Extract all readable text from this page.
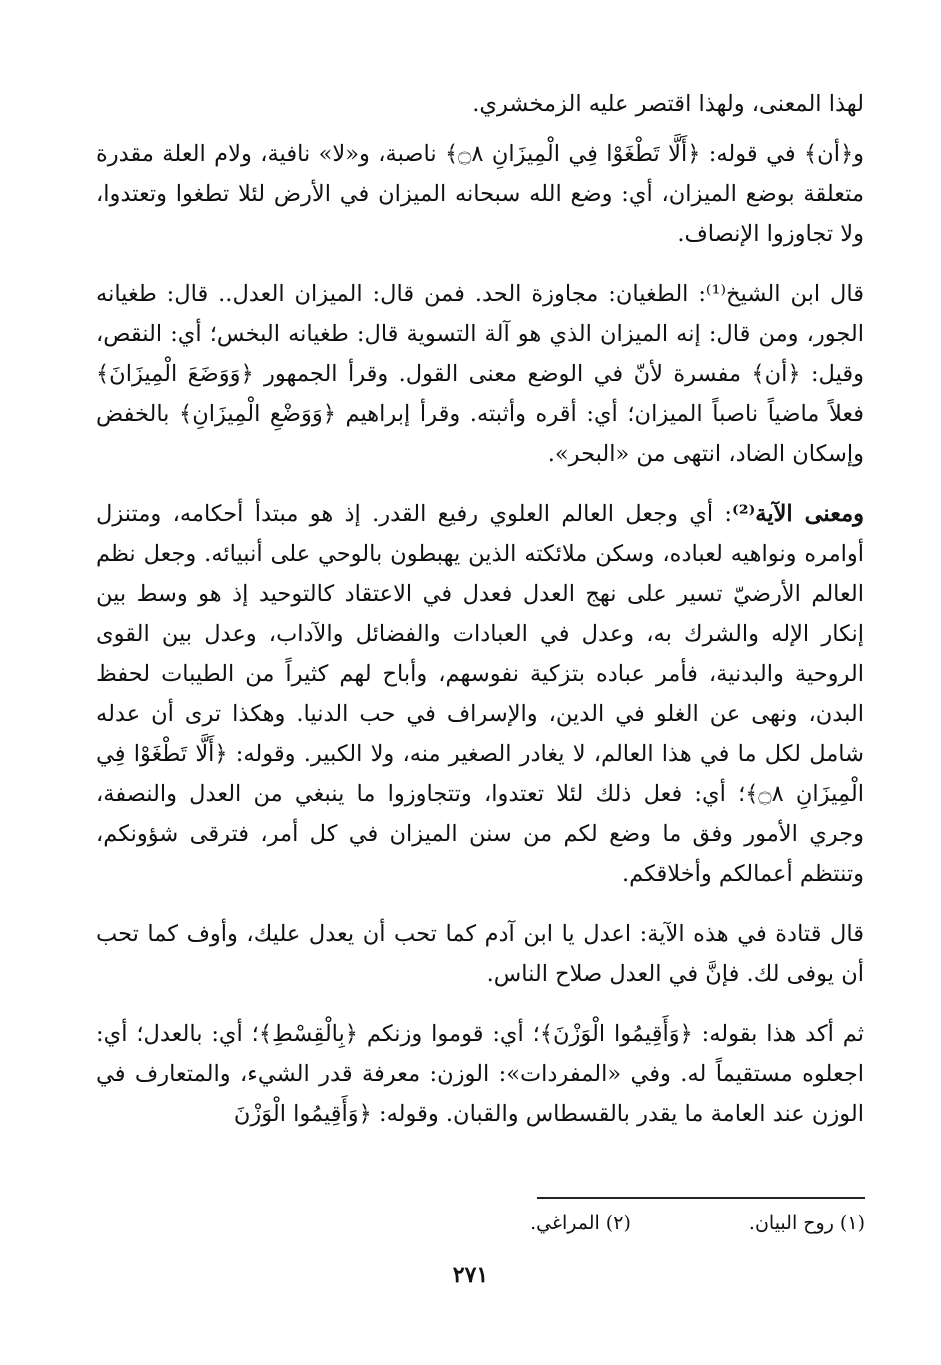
لهذا المعنى، ولهذا اقتصر عليه الزمخشري.

و﴿أن﴾ في قوله: ﴿أَلَّا تَطْغَوْا فِي الْمِيزَانِ ۝٨﴾ ناصبة، و«لا» نافية، ولام العلة مقدرة متعلقة بوضع الميزان، أي: وضع الله سبحانه الميزان في الأرض لئلا تطغوا وتعتدوا، ولا تجاوزوا الإنصاف.

قال ابن الشيخ⁽¹⁾: الطغيان: مجاوزة الحد. فمن قال: الميزان العدل.. قال: طغيانه الجور، ومن قال: إنه الميزان الذي هو آلة التسوية قال: طغيانه البخس؛ أي: النقص، وقيل: ﴿أن﴾ مفسرة لأنّ في الوضع معنى القول. وقرأ الجمهور ﴿وَوَضَعَ الْمِيزَانَ﴾ فعلاً ماضياً ناصباً الميزان؛ أي: أقره وأثبته. وقرأ إبراهيم ﴿وَوَضْعِ الْمِيزَانِ﴾ بالخفض وإسكان الضاد، انتهى من «البحر».

ومعنى الآية⁽²⁾: أي وجعل العالم العلوي رفيع القدر. إذ هو مبتدأ أحكامه، ومتنزل أوامره ونواهيه لعباده، وسكن ملائكته الذين يهبطون بالوحي على أنبيائه. وجعل نظم العالم الأرضيّ تسير على نهج العدل فعدل في الاعتقاد كالتوحيد إذ هو وسط بين إنكار الإله والشرك به، وعدل في العبادات والفضائل والآداب، وعدل بين القوى الروحية والبدنية، فأمر عباده بتزكية نفوسهم، وأباح لهم كثيراً من الطيبات لحفظ البدن، ونهى عن الغلو في الدين، والإسراف في حب الدنيا. وهكذا ترى أن عدله شامل لكل ما في هذا العالم، لا يغادر الصغير منه، ولا الكبير. وقوله: ﴿أَلَّا تَطْغَوْا فِي الْمِيزَانِ ۝٨﴾؛ أي: فعل ذلك لئلا تعتدوا، وتتجاوزوا ما ينبغي من العدل والنصفة، وجري الأمور وفق ما وضع لكم من سنن الميزان في كل أمر، فترقى شؤونكم، وتنتظم أعمالكم وأخلاقكم.

قال قتادة في هذه الآية: اعدل يا ابن آدم كما تحب أن يعدل عليك، وأوف كما تحب أن يوفى لك. فإنَّ في العدل صلاح الناس.

ثم أكد هذا بقوله: ﴿وَأَقِيمُوا الْوَزْنَ﴾؛ أي: قوموا وزنكم ﴿بِالْقِسْطِ﴾؛ أي: بالعدل؛ أي: اجعلوه مستقيماً له. وفي «المفردات»: الوزن: معرفة قدر الشيء، والمتعارف في الوزن عند العامة ما يقدر بالقسطاس والقبان. وقوله: ﴿وَأَقِيمُوا الْوَزْنَ

(١) روح البيان. (٢) المراغي.
٢٧١
